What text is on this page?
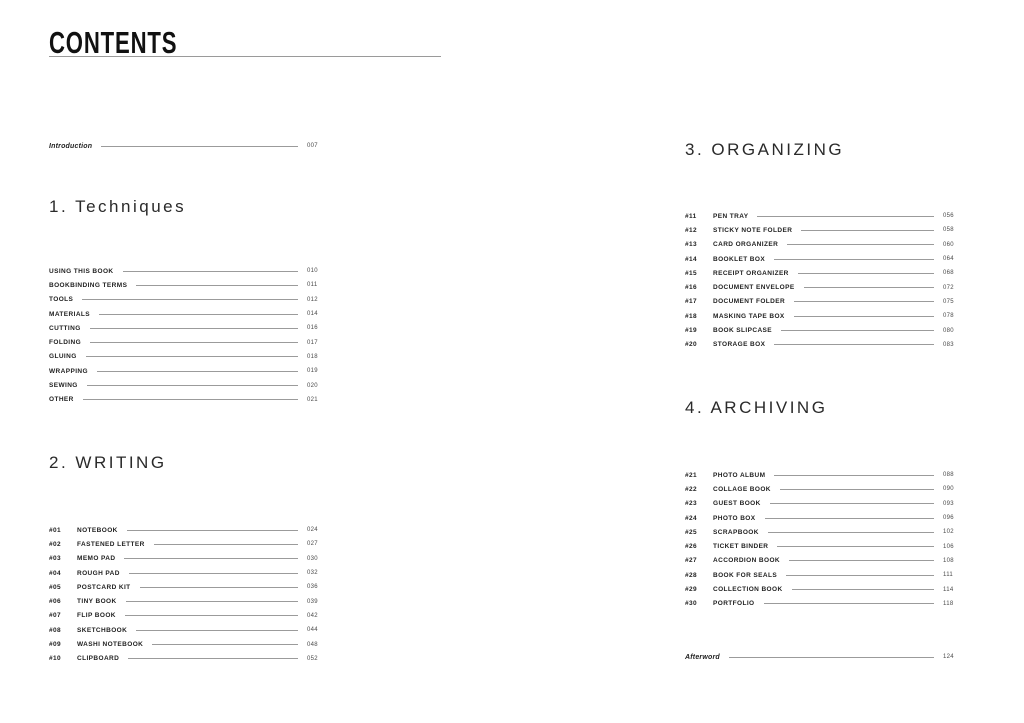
CONTENTS
Introduction	007
1. Techniques
USING THIS BOOK	010
BOOKBINDING TERMS	011
TOOLS	012
MATERIALS	014
CUTTING	016
FOLDING	017
GLUING	018
WRAPPING	019
SEWING	020
OTHER	021
2. WRITING
#01	NOTEBOOK	024
#02	FASTENED LETTER	027
#03	MEMO PAD	030
#04	ROUGH PAD	032
#05	POSTCARD KIT	036
#06	TINY BOOK	039
#07	FLIP BOOK	042
#08	SKETCHBOOK	044
#09	WASHI NOTEBOOK	048
#10	CLIPBOARD	052
3. ORGANIZING
#11	PEN TRAY	056
#12	STICKY NOTE FOLDER	058
#13	CARD ORGANIZER	060
#14	BOOKLET BOX	064
#15	RECEIPT ORGANIZER	068
#16	DOCUMENT ENVELOPE	072
#17	DOCUMENT FOLDER	075
#18	MASKING TAPE BOX	078
#19	BOOK SLIPCASE	080
#20	STORAGE BOX	083
4. ARCHIVING
#21	PHOTO ALBUM	088
#22	COLLAGE BOOK	090
#23	GUEST BOOK	093
#24	PHOTO BOX	096
#25	SCRAPBOOK	102
#26	TICKET BINDER	106
#27	ACCORDION BOOK	108
#28	BOOK FOR SEALS	111
#29	COLLECTION BOOK	114
#30	PORTFOLIO	118
Afterword	124
